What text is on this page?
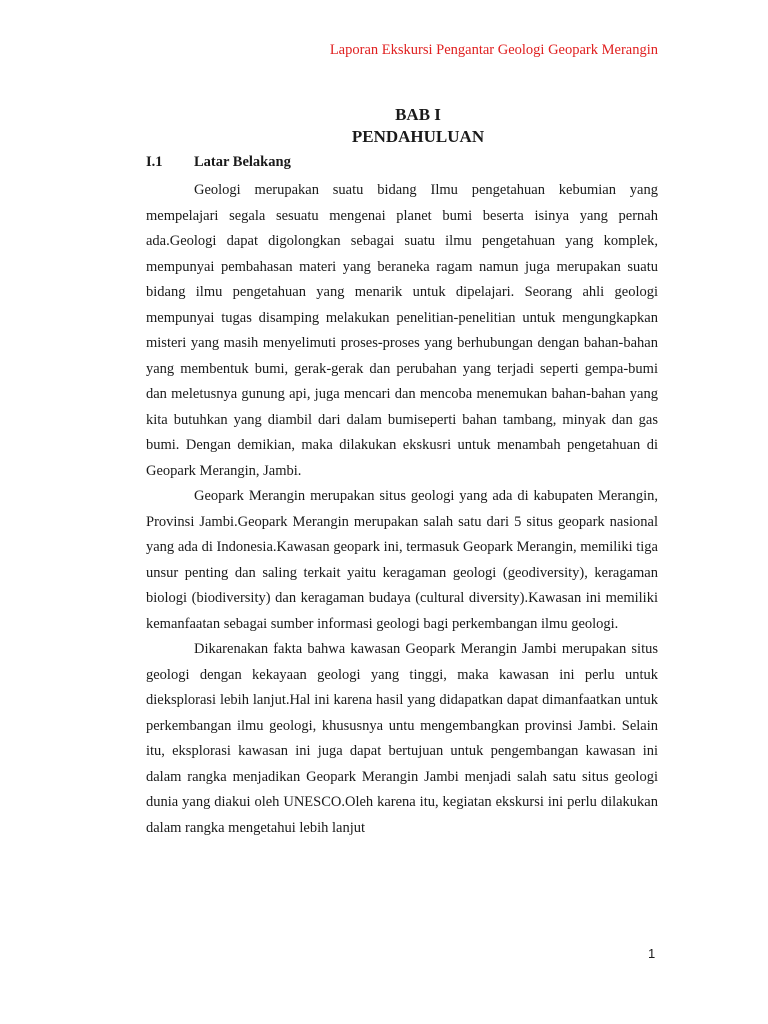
Laporan Ekskursi Pengantar Geologi Geopark Merangin
BAB I
PENDAHULUAN
I.1 Latar Belakang

Geologi merupakan suatu bidang Ilmu pengetahuan kebumian yang mempelajari segala sesuatu mengenai planet bumi beserta isinya yang pernah ada.Geologi dapat digolongkan sebagai suatu ilmu pengetahuan yang komplek, mempunyai pembahasan materi yang beraneka ragam namun juga merupakan suatu bidang ilmu pengetahuan yang menarik untuk dipelajari. Seorang ahli geologi mempunyai tugas disamping melakukan penelitian-penelitian untuk mengungkapkan misteri yang masih menyelimuti proses-proses yang berhubungan dengan bahan-bahan yang membentuk bumi, gerak-gerak dan perubahan yang terjadi seperti gempa-bumi dan meletusnya gunung api, juga mencari dan mencoba menemukan bahan-bahan yang kita butuhkan yang diambil dari dalam bumiseperti bahan tambang, minyak dan gas bumi. Dengan demikian, maka dilakukan ekskusri untuk menambah pengetahuan di Geopark Merangin, Jambi.

Geopark Merangin merupakan situs geologi yang ada di kabupaten Merangin, Provinsi Jambi.Geopark Merangin merupakan salah satu dari 5 situs geopark nasional yang ada di Indonesia.Kawasan geopark ini, termasuk Geopark Merangin, memiliki tiga unsur penting dan saling terkait yaitu keragaman geologi (geodiversity), keragaman biologi (biodiversity) dan keragaman budaya (cultural diversity).Kawasan ini memiliki kemanfaatan sebagai sumber informasi geologi bagi perkembangan ilmu geologi.

Dikarenakan fakta bahwa kawasan Geopark Merangin Jambi merupakan situs geologi dengan kekayaan geologi yang tinggi, maka kawasan ini perlu untuk dieksplorasi lebih lanjut.Hal ini karena hasil yang didapatkan dapat dimanfaatkan untuk perkembangan ilmu geologi, khususnya untu mengembangkan provinsi Jambi. Selain itu, eksplorasi kawasan ini juga dapat bertujuan untuk pengembangan kawasan ini dalam rangka menjadikan Geopark Merangin Jambi menjadi salah satu situs geologi dunia yang diakui oleh UNESCO.Oleh karena itu, kegiatan ekskursi ini perlu dilakukan dalam rangka mengetahui lebih lanjut

1
